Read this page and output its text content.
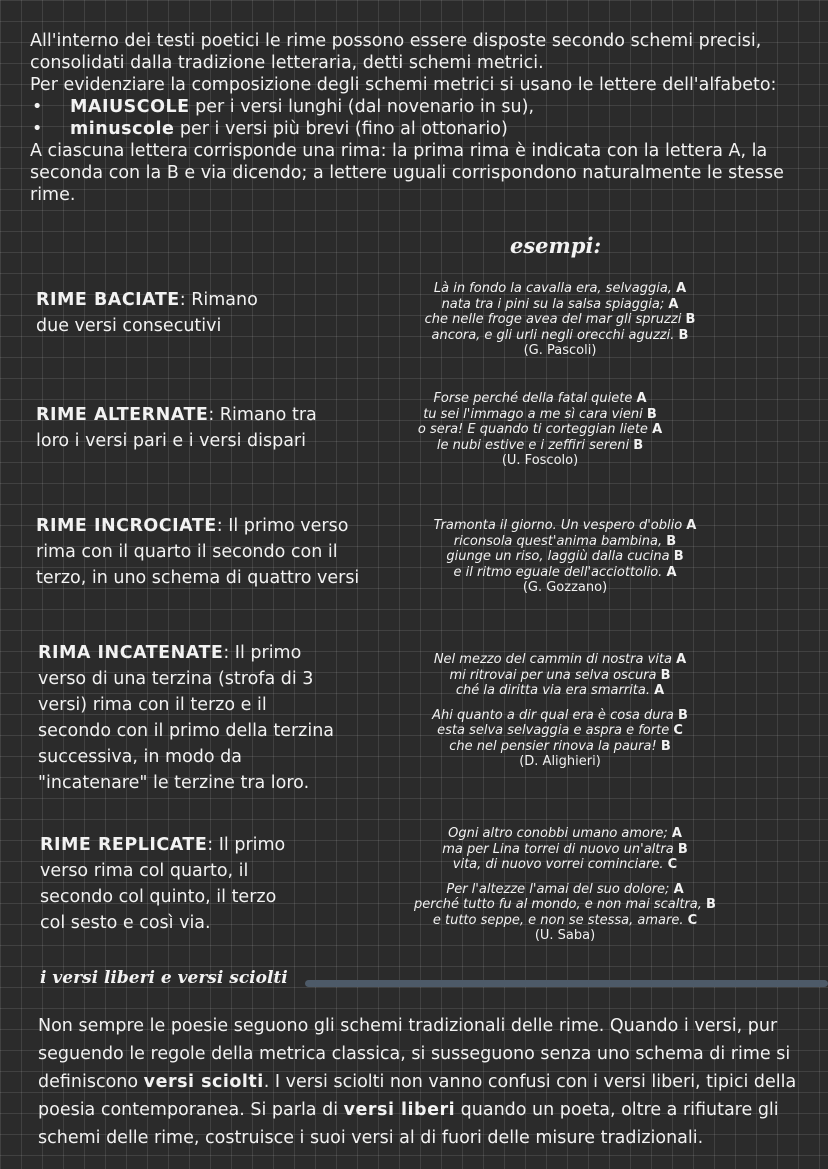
All'interno dei testi poetici le rime possono essere disposte secondo schemi precisi, consolidati dalla tradizione letteraria, detti schemi metrici.

Per evidenziare la composizione degli schemi metrici si usano le lettere dell'alfabeto:

• MAIUSCOLE per i versi lunghi (dal novenario in su),
• minuscole per i versi più brevi (fino al ottonario)

A ciascuna lettera corrisponde una rima: la prima rima è indicata con la lettera A, la seconda con la B e via dicendo; a lettere uguali corrispondono naturalmente le stesse rime.

esempi:
RIME BACIATE: Rimano due versi consecutivi
Là in fondo la cavalla era, selvaggia, A
nata tra i pini su la salsa spiaggia; A
che nelle froge avea del mar gli spruzzi B
ancora, e gli urli negli orecchi aguzzi. B
(G. Pascoli)
RIME ALTERNATE: Rimano tra loro i versi pari e i versi dispari
Forse perché della fatal quiete A
tu sei l'immago a me sì cara vieni B
o sera! E quando ti corteggian liete A
le nubi estive e i zeffiri sereni B
(U. Foscolo)
RIME INCROCIATE: Il primo verso rima con il quarto il secondo con il terzo, in uno schema di quattro versi
Tramonta il giorno. Un vespero d'oblio A
riconsola quest'anima bambina, B
giunge un riso, laggiù dalla cucina B
e il ritmo eguale dell'acciottolio. A
(G. Gozzano)
RIMA INCATENATE: Il primo verso di una terzina (strofa di 3 versi) rima con il terzo e il secondo con il primo della terzina successiva, in modo da "incatenare" le terzine tra loro.
Nel mezzo del cammin di nostra vita A
mi ritrovai per una selva oscura B
ché la diritta via era smarrita. A
Ahi quanto a dir qual era è cosa dura B
esta selva selvaggia e aspra e forte C
che nel pensier rinova la paura! B
(D. Alighieri)
RIME REPLICATE: Il primo verso rima col quarto, il secondo col quinto, il terzo col sesto e così via.
Ogni altro conobbi umano amore; A
ma per Lina torrei di nuovo un'altra B
vita, di nuovo vorrei cominciare. C
Per l'altezze l'amai del suo dolore; A
perché tutto fu al mondo, e non mai scaltra, B
e tutto seppe, e non se stessa, amare. C
(U. Saba)
i versi liberi e versi sciolti

Non sempre le poesie seguono gli schemi tradizionali delle rime. Quando i versi, pur seguendo le regole della metrica classica, si susseguono senza uno schema di rime si definiscono versi sciolti. I versi sciolti non vanno confusi con i versi liberi, tipici della poesia contemporanea. Si parla di versi liberi quando un poeta, oltre a rifiutare gli schemi delle rime, costruisce i suoi versi al di fuori delle misure tradizionali.
